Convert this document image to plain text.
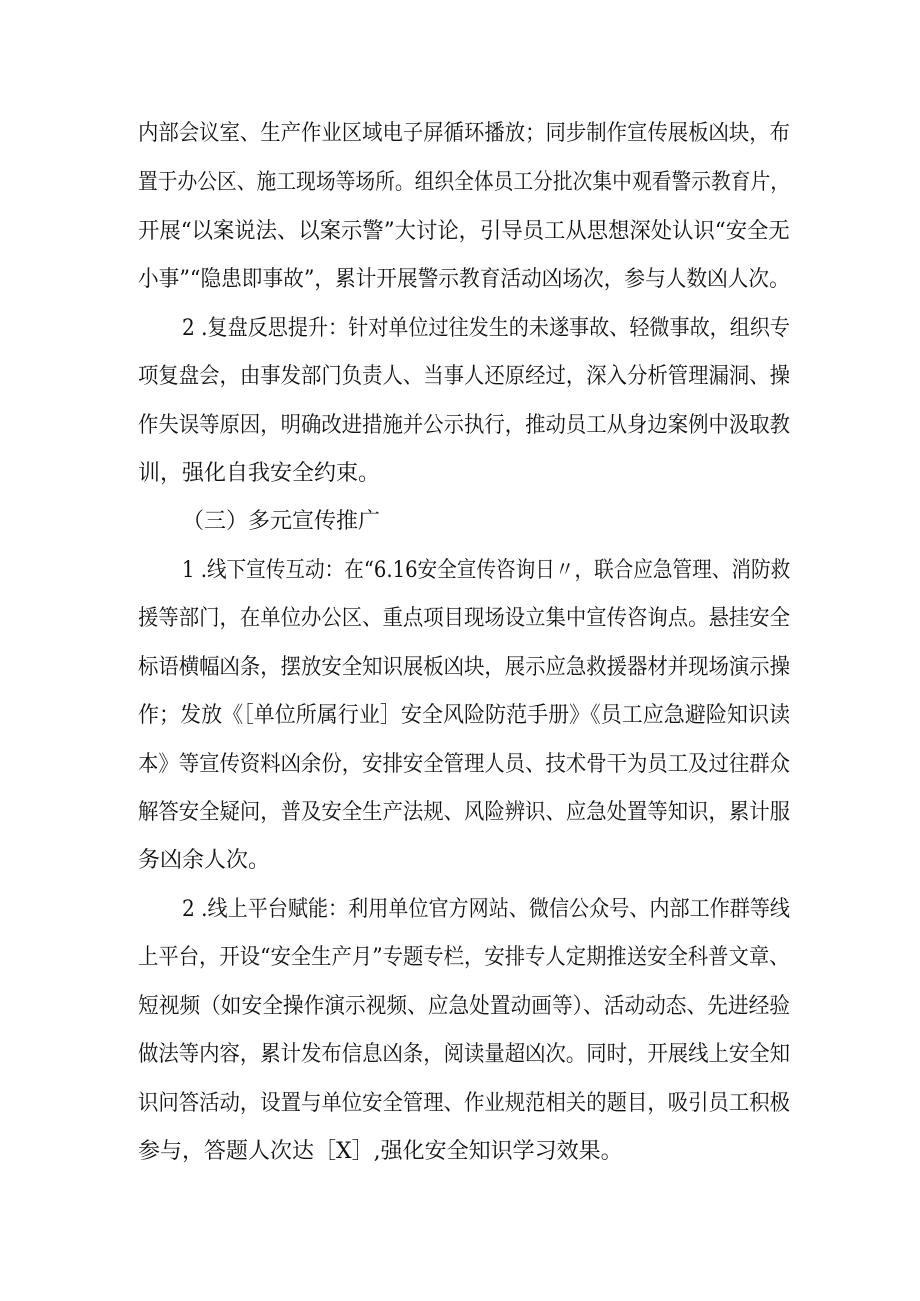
内部会议室、生产作业区域电子屏循环播放；同步制作宣传展板凶块，布
置于办公区、施工现场等场所。组织全体员工分批次集中观看警示教育片，
开展“以案说法、以案示警”大讨论，引导员工从思想深处认识“安全无
小事”“隐患即事故”，累计开展警示教育活动凶场次，参与人数凶人次。
2 .复盘反思提升：针对单位过往发生的未遂事故、轻微事故，组织专
项复盘会，由事发部门负责人、当事人还原经过，深入分析管理漏洞、操
作失误等原因，明确改进措施并公示执行，推动员工从身边案例中汲取教
训，强化自我安全约束。
（三）多元宣传推广
1 .线下宣传互动：在“6.16安全宣传咨询日〃，联合应急管理、消防救
援等部门，在单位办公区、重点项目现场设立集中宣传咨询点。悬挂安全
标语横幅凶条，摆放安全知识展板凶块，展示应急救援器材并现场演示操
作；发放《［单位所属行业］安全风险防范手册》《员工应急避险知识读
本》等宣传资料凶余份，安排安全管理人员、技术骨干为员工及过往群众
解答安全疑问，普及安全生产法规、风险辨识、应急处置等知识，累计服
务凶余人次。
2 .线上平台赋能：利用单位官方网站、微信公众号、内部工作群等线
上平台，开设“安全生产月”专题专栏，安排专人定期推送安全科普文章、
短视频（如安全操作演示视频、应急处置动画等）、活动动态、先进经验
做法等内容，累计发布信息凶条，阅读量超凶次。同时，开展线上安全知
识问答活动，设置与单位安全管理、作业规范相关的题目，吸引员工积极
参与，答题人次达［X］,强化安全知识学习效果。
